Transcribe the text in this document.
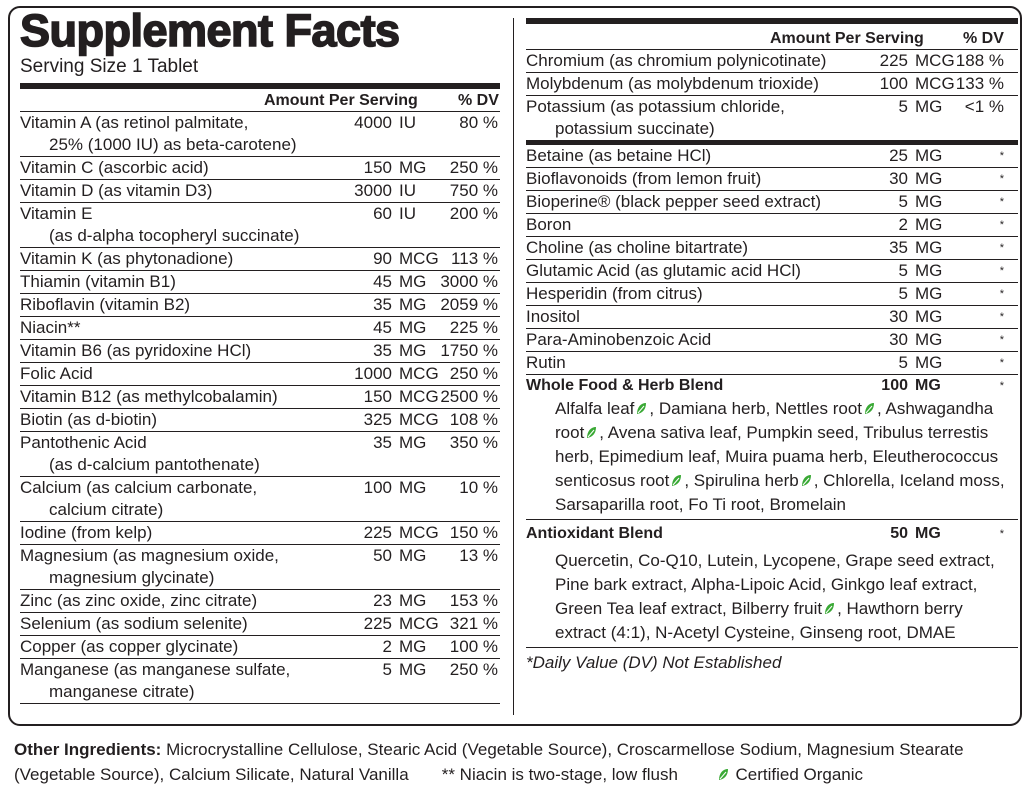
Supplement Facts
Serving Size 1 Tablet
Amount Per Serving	% DV
Vitamin A (as retinol palmitate,
25% (1000 IU) as beta-carotene)
4000 IU	80 %
Vitamin C (ascorbic acid)	150 MG	250 %
Vitamin D (as vitamin D3)	3000 IU	750 %
Vitamin E
(as d-alpha tocopheryl succinate)
60 IU	200 %
Vitamin K (as phytonadione)	90 MCG 113 %
Thiamin (vitamin B1)	45 MG 3000 %
Riboflavin (vitamin B2)	35 MG 2059 %
Niacin**	45 MG	225 %
Vitamin B6 (as pyridoxine HCl)	35 MG 1750 %
Folic Acid	1000 MCG 250 %
Vitamin B12 (as methylcobalamin)	150 MCG 2500 %
Biotin (as d-biotin)	325 MCG 108 %
Pantothenic Acid
(as d-calcium pantothenate)
35 MG	350 %
Calcium (as calcium carbonate,
calcium citrate)
100 MG	10 %
Iodine (from kelp)	225 MCG 150 %
Magnesium (as magnesium oxide,
magnesium glycinate)
50 MG	13 %
Zinc (as zinc oxide, zinc citrate)	23 MG	153 %
Selenium (as sodium selenite)	225 MCG 321 %
Copper (as copper glycinate)	2 MG	100 %
Manganese (as manganese sulfate,
manganese citrate)
5 MG	250 %
Amount Per Serving % DV
Chromium (as chromium polynicotinate)	225 MCG 188 %
Molybdenum (as molybdenum trioxide)	100 MCG 133 %
Potassium (as potassium chloride,
potassium succinate)
5 MG	<1 %
Betaine (as betaine HCl)	25 MG	*
Bioflavonoids (from lemon fruit)	30 MG	*
Bioperine® (black pepper seed extract)	5 MG	*
Boron	2 MG	*
Choline (as choline bitartrate)	35 MG	*
Glutamic Acid (as glutamic acid HCl)	5 MG	*
Hesperidin (from citrus)	5 MG	*
Inositol	30 MG	*
Para-Aminobenzoic Acid	30 MG	*
Rutin	5 MG	*
Whole Food & Herb Blend	100 MG	*
Alfalfa leaf , Damiana herb, Nettles root , Ashwagandha root , Avena sativa leaf, Pumpkin seed, Tribulus terrestis herb, Epimedium leaf, Muira puama herb, Eleutherococcus senticosus root , Spirulina herb , Chlorella, Iceland moss, Sarsaparilla root, Fo Ti root, Bromelain
Antioxidant Blend	50 MG	*
Quercetin, Co-Q10, Lutein, Lycopene, Grape seed extract, Pine bark extract, Alpha-Lipoic Acid, Ginkgo leaf extract, Green Tea leaf extract, Bilberry fruit , Hawthorn berry extract (4:1), N-Acetyl Cysteine, Ginseng root, DMAE
*Daily Value (DV) Not Established
Other Ingredients: Microcrystalline Cellulose, Stearic Acid (Vegetable Source), Croscarmellose Sodium, Magnesium Stearate (Vegetable Source), Calcium Silicate, Natural Vanilla ** Niacin is two-stage, low flush	Certified Organic
